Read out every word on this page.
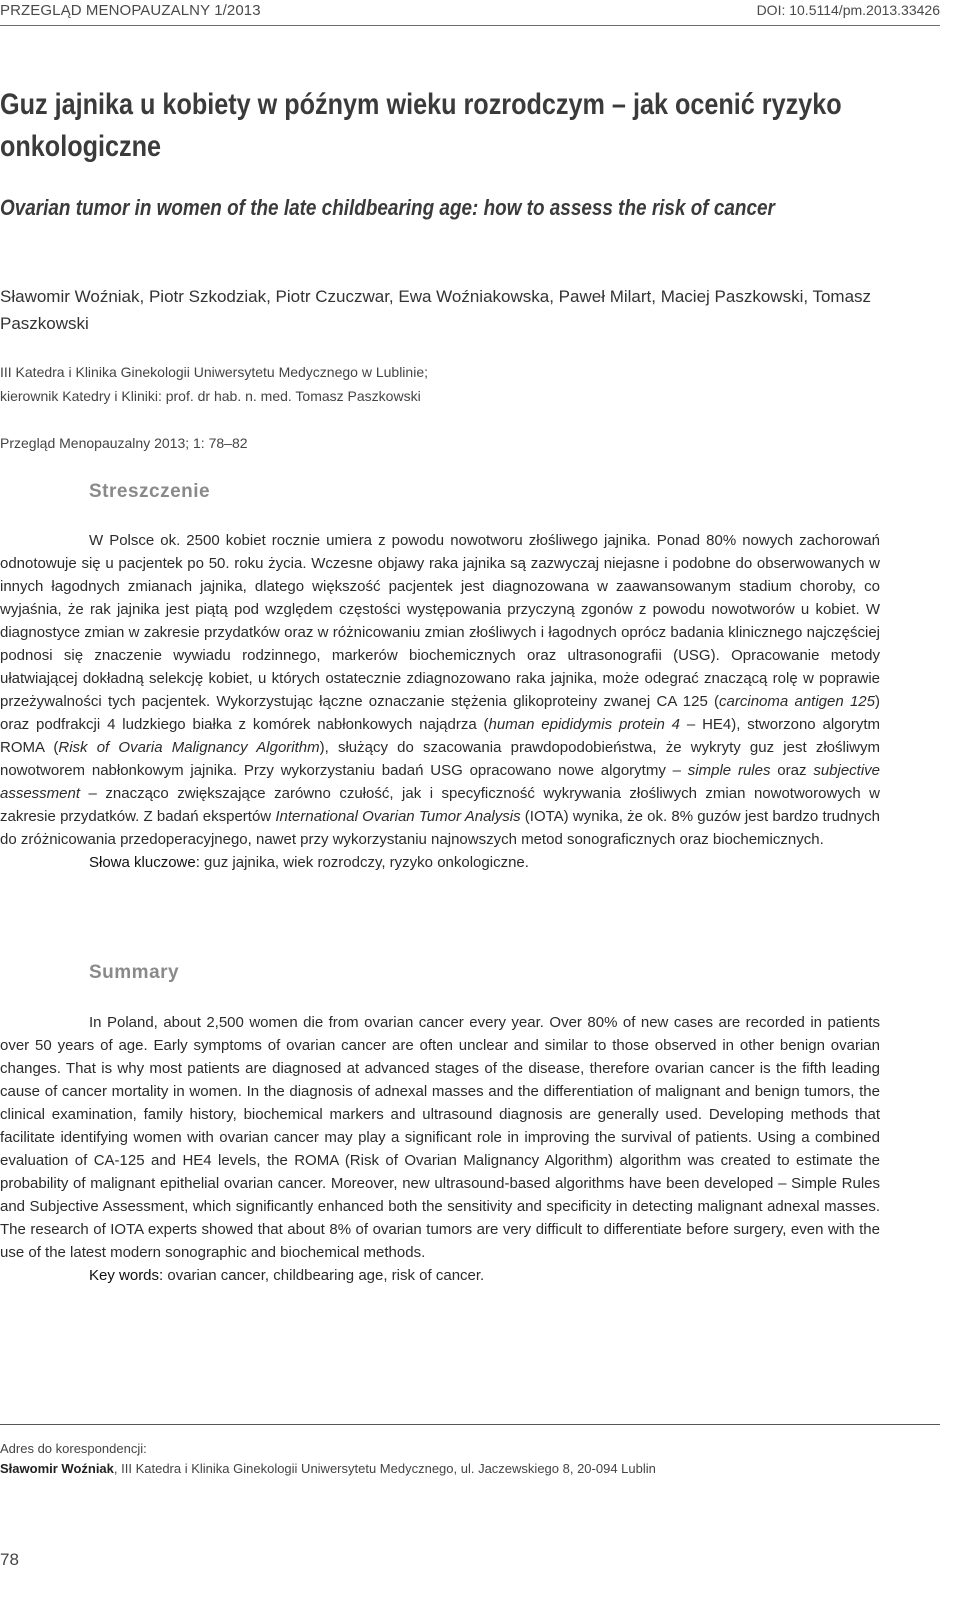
PRZEGLĄD MENOPAUZALNY 1/2013	DOI: 10.5114/pm.2013.33426
Guz jajnika u kobiety w późnym wieku rozrodczym – jak ocenić ryzyko onkologiczne
Ovarian tumor in women of the late childbearing age: how to assess the risk of cancer

Sławomir Woźniak, Piotr Szkodziak, Piotr Czuczwar, Ewa Woźniakowska, Paweł Milart, Maciej Paszkowski, Tomasz Paszkowski

III Katedra i Klinika Ginekologii Uniwersytetu Medycznego w Lublinie;
kierownik Katedry i Kliniki: prof. dr hab. n. med. Tomasz Paszkowski

Przegląd Menopauzalny 2013; 1: 78–82

Streszczenie

W Polsce ok. 2500 kobiet rocznie umiera z powodu nowotworu złośliwego jajnika. Ponad 80% nowych zachorowań odnotowuje się u pacjentek po 50. roku życia. Wczesne objawy raka jajnika są zazwyczaj niejasne i podobne do obserwowanych w innych łagodnych zmianach jajnika, dlatego większość pacjentek jest diagnozowana w zaawansowanym stadium choroby, co wyjaśnia, że rak jajnika jest piątą pod względem częstości występowania przyczyną zgonów z powodu nowotworów u kobiet. W diagnostyce zmian w zakresie przydatków oraz w różnicowaniu zmian złośliwych i łagodnych oprócz badania klinicznego najczęściej podnosi się znaczenie wywiadu rodzinnego, markerów biochemicznych oraz ultrasonografii (USG). Opracowanie metody ułatwiającej dokładną selekcję kobiet, u których ostatecznie zdiagnozowano raka jajnika, może odegrać znaczącą rolę w poprawie przeżywalności tych pacjentek. Wykorzystując łączne oznaczanie stężenia glikoproteiny zwanej CA 125 (carcinoma antigen 125) oraz podfrakcji 4 ludzkiego białka z komórek nabłonkowych najądrza (human epididymis protein 4 – HE4), stworzono algorytm ROMA (Risk of Ovaria Malignancy Algorithm), służący do szacowania prawdopodobieństwa, że wykryty guz jest złośliwym nowotworem nabłonkowym jajnika. Przy wykorzystaniu badań USG opracowano nowe algorytmy – simple rules oraz subjective assessment – znacząco zwiększające zarówno czułość, jak i specyficzność wykrywania złośliwych zmian nowotworowych w zakresie przydatków. Z badań ekspertów International Ovarian Tumor Analysis (IOTA) wynika, że ok. 8% guzów jest bardzo trudnych do zróżnicowania przedoperacyjnego, nawet przy wykorzystaniu najnowszych metod sonograficznych oraz biochemicznych.

Słowa kluczowe: guz jajnika, wiek rozrodczy, ryzyko onkologiczne.

Summary

In Poland, about 2,500 women die from ovarian cancer every year. Over 80% of new cases are recorded in patients over 50 years of age. Early symptoms of ovarian cancer are often unclear and similar to those observed in other benign ovarian changes. That is why most patients are diagnosed at advanced stages of the disease, therefore ovarian cancer is the fifth leading cause of cancer mortality in women. In the diagnosis of adnexal masses and the differentiation of malignant and benign tumors, the clinical examination, family history, biochemical markers and ultrasound diagnosis are generally used. Developing methods that facilitate identifying women with ovarian cancer may play a significant role in improving the survival of patients. Using a combined evaluation of CA-125 and HE4 levels, the ROMA (Risk of Ovarian Malignancy Algorithm) algorithm was created to estimate the probability of malignant epithelial ovarian cancer. Moreover, new ultrasound-based algorithms have been developed – Simple Rules and Subjective Assessment, which significantly enhanced both the sensitivity and specificity in detecting malignant adnexal masses. The research of IOTA experts showed that about 8% of ovarian tumors are very difficult to differentiate before surgery, even with the use of the latest modern sonographic and biochemical methods.

Key words: ovarian cancer, childbearing age, risk of cancer.

Adres do korespondencji:

Sławomir Woźniak, III Katedra i Klinika Ginekologii Uniwersytetu Medycznego, ul. Jaczewskiego 8, 20-094 Lublin

78
